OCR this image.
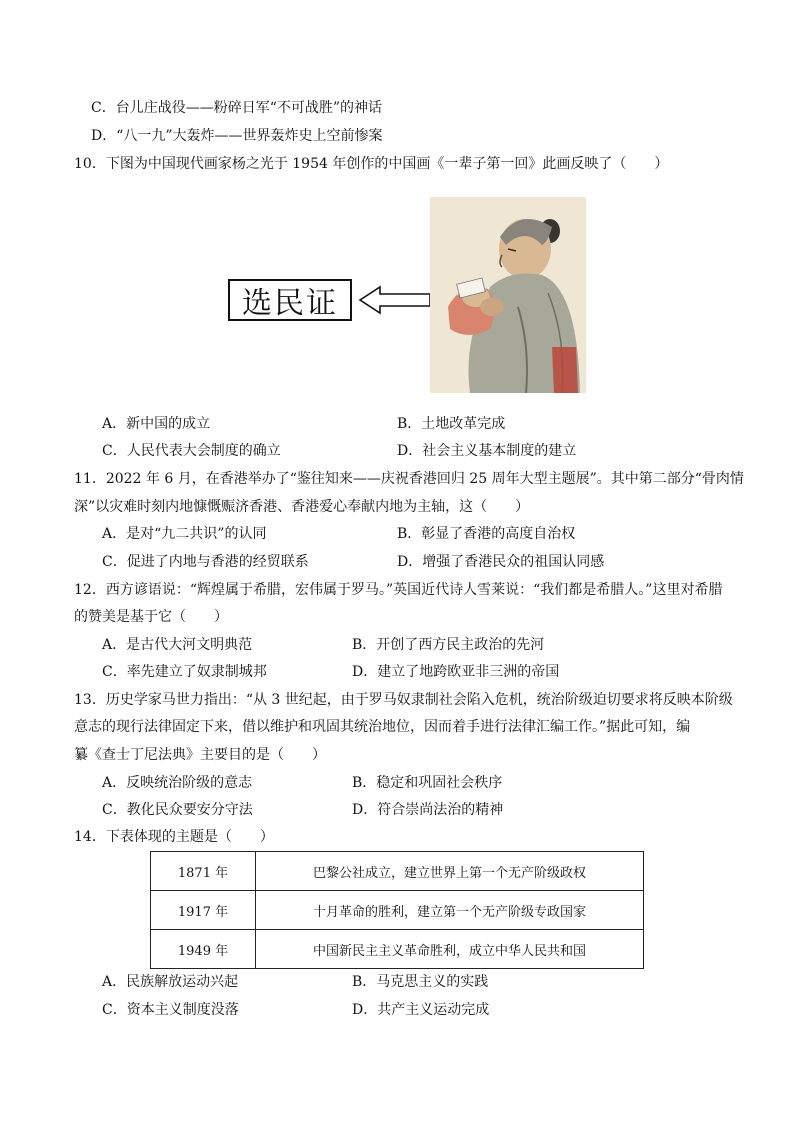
C．台儿庄战役——粉碎日军“不可战胜”的神话
D．“八一九”大轰炸——世界轰炸史上空前惨案
10．下图为中国现代画家杨之光于 1954 年创作的中国画《一辈子第一回》此画反映了（　　）
选民证
A．新中国的成立	B．土地改革完成
C．人民代表大会制度的确立	D．社会主义基本制度的建立
11．2022 年 6 月，在香港举办了“鉴往知来——庆祝香港回归 25 周年大型主题展”。其中第二部分“骨肉情
深”以灾难时刻内地慷慨赈济香港、香港爱心奉献内地为主轴，这（　　）
A．是对“九二共识”的认同	B．彰显了香港的高度自治权
C．促进了内地与香港的经贸联系	D．增强了香港民众的祖国认同感
12．西方谚语说：“辉煌属于希腊，宏伟属于罗马。”英国近代诗人雪莱说：“我们都是希腊人。”这里对希腊
的赞美是基于它（　　）
A．是古代大河文明典范	B．开创了西方民主政治的先河
C．率先建立了奴隶制城邦	D．建立了地跨欧亚非三洲的帝国
13．历史学家马世力指出：“从 3 世纪起，由于罗马奴隶制社会陷入危机，统治阶级迫切要求将反映本阶级
意志的现行法律固定下来，借以维护和巩固其统治地位，因而着手进行法律汇编工作。”据此可知，编
纂《查士丁尼法典》主要目的是（　　）
A．反映统治阶级的意志	B．稳定和巩固社会秩序
C．教化民众要安分守法	D．符合崇尚法治的精神
14．下表体现的主题是（　　）
1871 年	巴黎公社成立，建立世界上第一个无产阶级政权
1917 年	十月革命的胜利，建立第一个无产阶级专政国家
1949 年	中国新民主主义革命胜利，成立中华人民共和国
A．民族解放运动兴起	B．马克思主义的实践
C．资本主义制度没落	D．共产主义运动完成
